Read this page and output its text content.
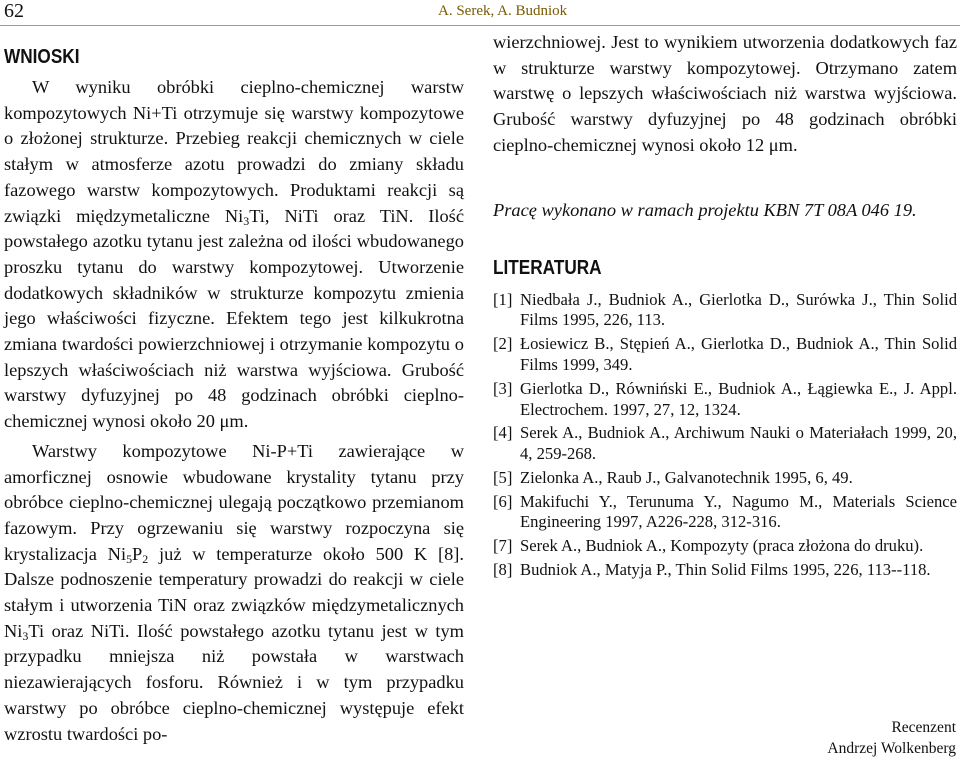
62	A. Serek, A. Budniok
WNIOSKI

W wyniku obróbki cieplno-chemicznej warstw kompozytowych Ni+Ti otrzymuje się warstwy kompozytowe o złożonej strukturze. Przebieg reakcji chemicznych w ciele stałym w atmosferze azotu prowadzi do zmiany składu fazowego warstw kompozytowych. Produktami reakcji są związki międzymetaliczne $Ni_3Ti$, NiTi oraz TiN. Ilość powstałego azotku tytanu jest zależna od ilości wbudowanego proszku tytanu do warstwy kompozytowej. Utworzenie dodatkowych składników w strukturze kompozytu zmienia jego właściwości fizyczne. Efektem tego jest kilkukrotna zmiana twardości powierzchniowej i otrzymanie kompozytu o lepszych właściwościach niż warstwa wyjściowa. Grubość warstwy dyfuzyjnej po 48 godzinach obróbki cieplno-chemicznej wynosi około 20 μm.

Warstwy kompozytowe Ni-P+Ti zawierające w amorficznej osnowie wbudowane krystality tytanu przy obróbce cieplno-chemicznej ulegają początkowo przemianom fazowym. Przy ogrzewaniu się warstwy rozpoczyna się krystalizacja $Ni_5P_2$ już w temperaturze około 500 K [8]. Dalsze podnoszenie temperatury prowadzi do reakcji w ciele stałym i utworzenia TiN oraz związków międzymetalicznych $Ni_3Ti$ oraz NiTi. Ilość powstałego azotku tytanu jest w tym przypadku mniejsza niż powstała w warstwach niezawierających fosforu. Również i w tym przypadku warstwy po obróbce cieplno-chemicznej występuje efekt wzrostu twardości po-

wierzchniowej. Jest to wynikiem utworzenia dodatkowych faz w strukturze warstwy kompozytowej. Otrzymano zatem warstwę o lepszych właściwościach niż warstwa wyjściowa. Grubość warstwy dyfuzyjnej po 48 godzinach obróbki cieplno-chemicznej wynosi około 12 μm.

Pracę wykonano w ramach projektu KBN 7T 08A 046 19.
LITERATURA
[1] Niedbała J., Budniok A., Gierlotka D., Surówka J., Thin Solid Films 1995, 226, 113.
[2] Łosiewicz B., Stępień A., Gierlotka D., Budniok A., Thin Solid Films 1999, 349.
[3] Gierlotka D., Równiński E., Budniok A., Łągiewka E., J. Appl. Electrochem. 1997, 27, 12, 1324.
[4] Serek A., Budniok A., Archiwum Nauki o Materiałach 1999, 20, 4, 259-268.
[5] Zielonka A., Raub J., Galvanotechnik 1995, 6, 49.
[6] Makifuchi Y., Terunuma Y., Nagumo M., Materials Science Engineering 1997, A226-228, 312-316.
[7] Serek A., Budniok A., Kompozyty (praca złożona do druku).
[8] Budniok A., Matyja P., Thin Solid Films 1995, 226, 113--118.
Recenzent
Andrzej Wolkenberg
